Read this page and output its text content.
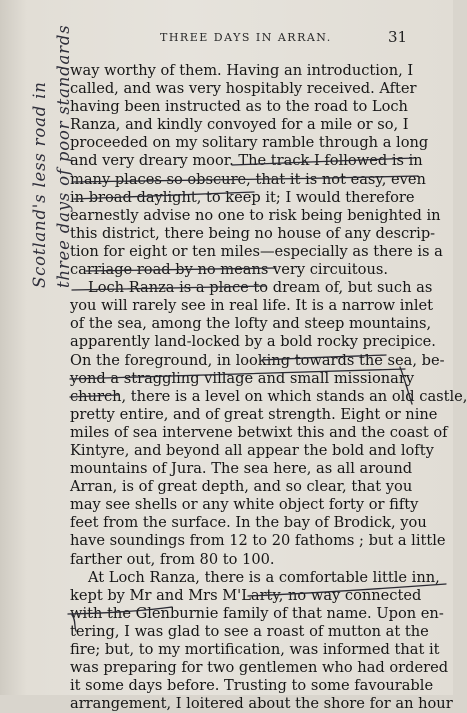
THREE DAYS IN ARRAN.	31
Scotland's less road in three days of poor standards
way worthy of them. Having an introduction, I
called, and was very hospitably received. After
having been instructed as to the road to Loch
Ranza, and kindly convoyed for a mile or so, I
proceeded on my solitary ramble through a long
and very dreary moor. The track I followed is in
many places so obscure, that it is not easy, even
in broad daylight, to keep it; I would therefore
earnestly advise no one to risk being benighted in
this district, there being no house of any descrip-
tion for eight or ten miles—especially as there is a
carriage road by no means very circuitous.
Loch Ranza is a place to dream of, but such as
you will rarely see in real life. It is a narrow inlet
of the sea, among the lofty and steep mountains,
apparently land-locked by a bold rocky precipice.
On the foreground, in looking towards the sea, be-
yond a straggling village and small missionary
church, there is a level on which stands an old castle,
pretty entire, and of great strength. Eight or nine
miles of sea intervene betwixt this and the coast of
Kintyre, and beyond all appear the bold and lofty
mountains of Jura. The sea here, as all around
Arran, is of great depth, and so clear, that you
may see shells or any white object forty or fifty
feet from the surface. In the bay of Brodick, you
have soundings from 12 to 20 fathoms ; but a little
farther out, from 80 to 100.
At Loch Ranza, there is a comfortable little inn,
kept by Mr and Mrs M'Larty, no way connected
with the Glenburnie family of that name. Upon en-
tering, I was glad to see a roast of mutton at the
fire; but, to my mortification, was informed that it
was preparing for two gentlemen who had ordered
it some days before. Trusting to some favourable
arrangement, I loitered about the shore for an hour
